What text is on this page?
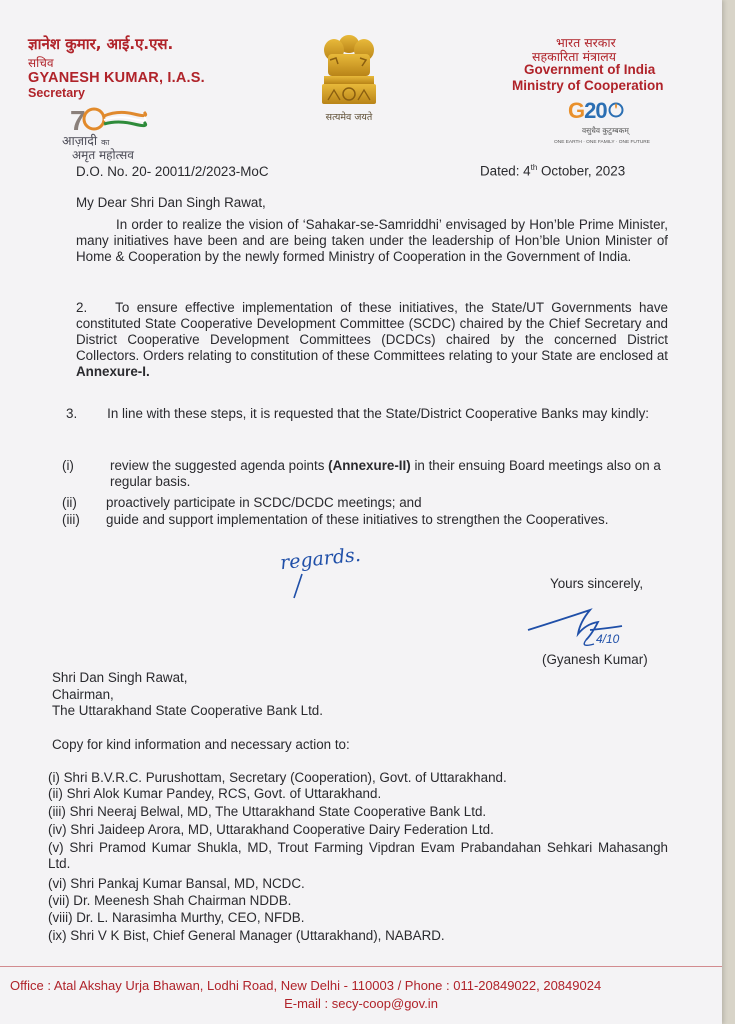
ज्ञानेश कुमार, आई.ए.एस.
सचिव
GYANESH KUMAR, I.A.S.
Secretary
7
आज़ादी का
अमृत महोत्सव
सत्यमेव जयते
भारत सरकार
सहकारिता मंत्रालय
Government of India
Ministry of Cooperation
G20
वसुधैव कुटुम्बकम्
ONE EARTH · ONE FAMILY · ONE FUTURE
D.O. No. 20- 20011/2/2023-MoC	Dated: 4th October, 2023
My Dear Shri Dan Singh Rawat,
In order to realize the vision of ‘Sahakar-se-Samriddhi’ envisaged by Hon’ble Prime Minister, many initiatives have been and are being taken under the leadership of Hon’ble Union Minister of Home & Cooperation by the newly formed Ministry of Cooperation in the Government of India.
2. To ensure effective implementation of these initiatives, the State/UT Governments have constituted State Cooperative Development Committee (SCDC) chaired by the Chief Secretary and District Cooperative Development Committees (DCDCs) chaired by the concerned District Collectors. Orders relating to constitution of these Committees relating to your State are enclosed at Annexure-I.
3. In line with these steps, it is requested that the State/District Cooperative Banks may kindly:
(i)	review the suggested agenda points (Annexure-II) in their ensuing Board meetings also on a regular basis.
(ii) proactively participate in SCDC/DCDC meetings; and
(iii) guide and support implementation of these initiatives to strengthen the Cooperatives.
regards.
Yours sincerely,
4/10
(Gyanesh Kumar)
Shri Dan Singh Rawat,
Chairman,
The Uttarakhand State Cooperative Bank Ltd.
Copy for kind information and necessary action to:
(i) Shri B.V.R.C. Purushottam, Secretary (Cooperation), Govt. of Uttarakhand.
(ii) Shri Alok Kumar Pandey, RCS, Govt. of Uttarakhand.
(iii) Shri Neeraj Belwal, MD, The Uttarakhand State Cooperative Bank Ltd.
(iv) Shri Jaideep Arora, MD, Uttarakhand Cooperative Dairy Federation Ltd.
(v) Shri Pramod Kumar Shukla, MD, Trout Farming Vipdran Evam Prabandahan Sehkari Mahasangh Ltd.
(vi) Shri Pankaj Kumar Bansal, MD, NCDC.
(vii) Dr. Meenesh Shah Chairman NDDB.
(viii) Dr. L. Narasimha Murthy, CEO, NFDB.
(ix) Shri V K Bist, Chief General Manager (Uttarakhand), NABARD.
Office : Atal Akshay Urja Bhawan, Lodhi Road, New Delhi - 110003 / Phone : 011-20849022, 20849024
E-mail : secy-coop@gov.in
